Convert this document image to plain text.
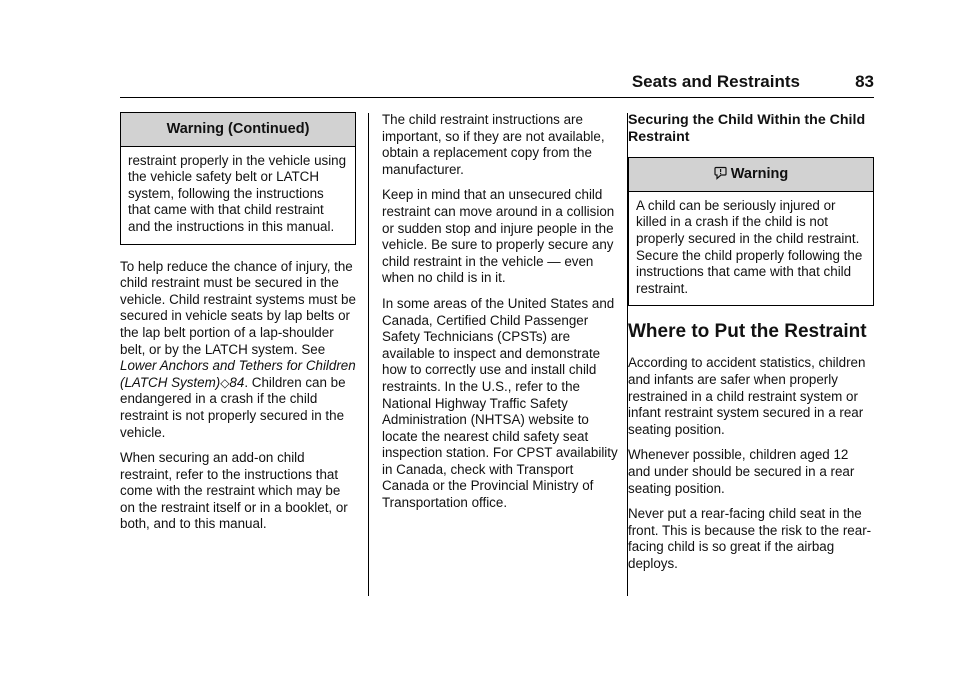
Seats and Restraints	83
Warning (Continued)
restraint properly in the vehicle using the vehicle safety belt or LATCH system, following the instructions that came with that child restraint and the instructions in this manual.

To help reduce the chance of injury, the child restraint must be secured in the vehicle. Child restraint systems must be secured in vehicle seats by lap belts or the lap belt portion of a lap-shoulder belt, or by the LATCH system. See Lower Anchors and Tethers for Children (LATCH System)◇84. Children can be endangered in a crash if the child restraint is not properly secured in the vehicle.

When securing an add-on child restraint, refer to the instructions that come with the restraint which may be on the restraint itself or in a booklet, or both, and to this manual.

The child restraint instructions are important, so if they are not available, obtain a replacement copy from the manufacturer.

Keep in mind that an unsecured child restraint can move around in a collision or sudden stop and injure people in the vehicle. Be sure to properly secure any child restraint in the vehicle — even when no child is in it.

In some areas of the United States and Canada, Certified Child Passenger Safety Technicians (CPSTs) are available to inspect and demonstrate how to correctly use and install child restraints. In the U.S., refer to the National Highway Traffic Safety Administration (NHTSA) website to locate the nearest child safety seat inspection station. For CPST availability in Canada, check with Transport Canada or the Provincial Ministry of Transportation office.

Securing the Child Within the Child Restraint
Warning
A child can be seriously injured or killed in a crash if the child is not properly secured in the child restraint. Secure the child properly following the instructions that came with that child restraint.
Where to Put the Restraint

According to accident statistics, children and infants are safer when properly restrained in a child restraint system or infant restraint system secured in a rear seating position.

Whenever possible, children aged 12 and under should be secured in a rear seating position.

Never put a rear-facing child seat in the front. This is because the risk to the rear-facing child is so great if the airbag deploys.
